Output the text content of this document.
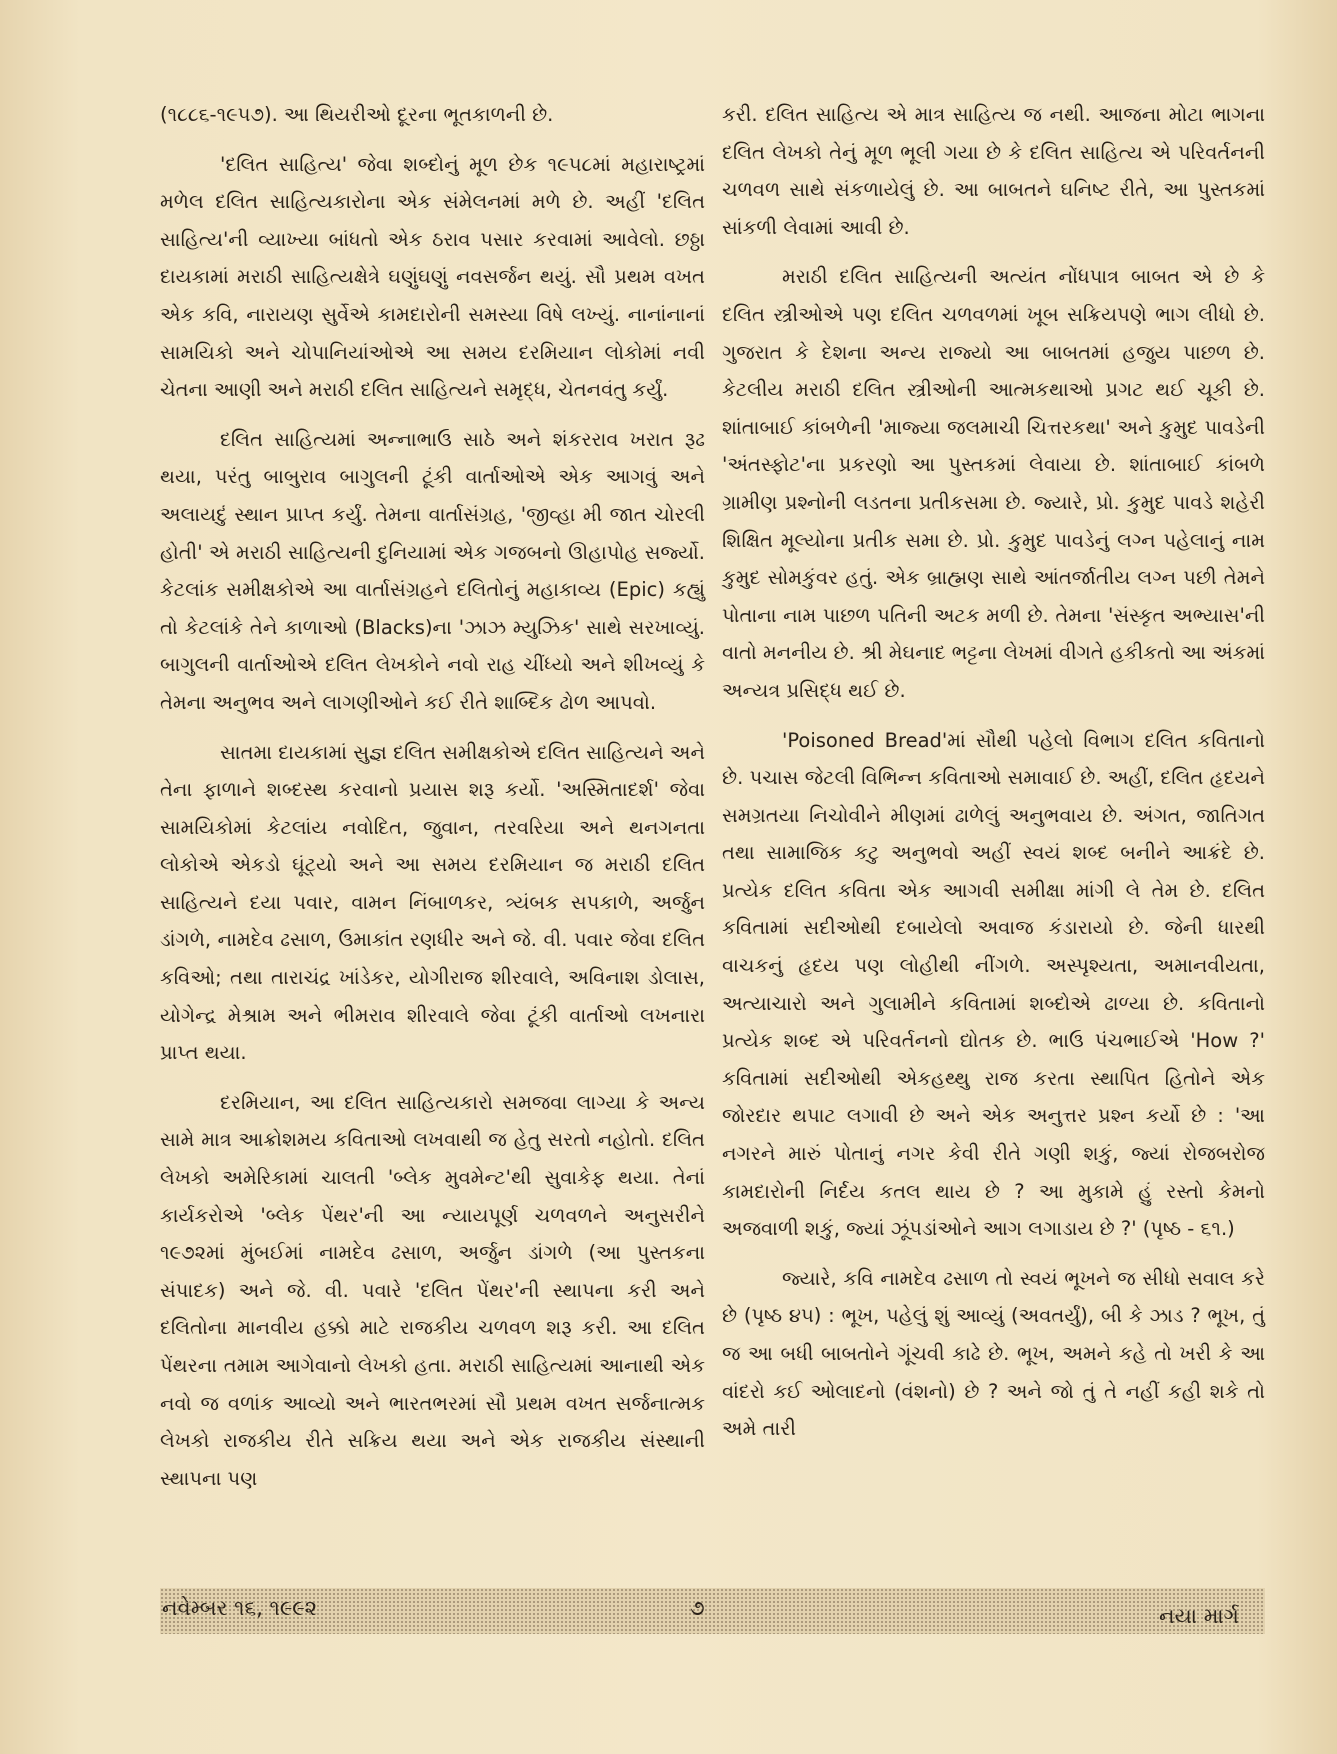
(૧૮૮૬-૧૯૫૭). આ થિયરીઓ દૂરના ભૂતકાળની છે.

'દલિત સાહિત્ય' જેવા શબ્દોનું મૂળ છેક ૧૯૫૮માં મહારાષ્ટ્રમાં મળેલ દલિત સાહિત્યકારોના એક સંમેલનમાં મળે છે. અહીં 'દલિત સાહિત્ય'ની વ્યાખ્યા બાંધતો એક ઠરાવ પસાર કરવામાં આવેલો. છઠ્ઠા દાયકામાં મરાઠી સાહિત્યક્ષેત્રે ઘણુંઘણું નવસર્જન થયું. સૌ પ્રથમ વખત એક કવિ, નારાયણ સુર્વેએ કામદારોની સમસ્યા વિષે લખ્યું. નાનાંનાનાં સામયિકો અને ચોપાનિયાંઓએ આ સમય દરમિયાન લોકોમાં નવી ચેતના આણી અને મરાઠી દલિત સાહિત્યને સમૃદ્ધ, ચેતનવંતુ કર્યું.

દલિત સાહિત્યમાં અન્નાભાઉ સાઠે અને શંકરરાવ ખરાત રૂઢ થયા, પરંતુ બાબુરાવ બાગુલની ટૂંકી વાર્તાઓએ એક આગવું અને અલાયદું સ્થાન પ્રાપ્ત કર્યું. તેમના વાર્તાસંગ્રહ, 'જીવ્હા મી જાત ચોરલી હોતી' એ મરાઠી સાહિત્યની દુનિયામાં એક ગજબનો ઊહાપોહ સર્જ્યો. કેટલાંક સમીક્ષકોએ આ વાર્તાસંગ્રહને દલિતોનું મહાકાવ્ય (Epic) કહ્યું તો કેટલાંકે તેને કાળાઓ (Blacks)ના 'ઝાઝ મ્યુઝિક' સાથે સરખાવ્યું. બાગુલની વાર્તાઓએ દલિત લેખકોને નવો રાહ ચીંધ્યો અને શીખવ્યું કે તેમના અનુભવ અને લાગણીઓને કઈ રીતે શાબ્દિક ઢોળ આપવો.

સાતમા દાયકામાં સુજ્ઞ દલિત સમીક્ષકોએ દલિત સાહિત્યને અને તેના ફાળાને શબ્દસ્થ કરવાનો પ્રયાસ શરૂ કર્યો. 'અસ્મિતાદર્શ' જેવા સામયિકોમાં કેટલાંય નવોદિત, જુવાન, તરવરિયા અને થનગનતા લોકોએ એકડો ઘૂંટ્યો અને આ સમય દરમિયાન જ મરાઠી દલિત સાહિત્યને દયા પવાર, વામન નિંબાળકર, ત્ર્યંબક સપકાળે, અર્જુન ડાંગળે, નામદેવ ઢસાળ, ઉમાકાંત રણધીર અને જે. વી. પવાર જેવા દલિત કવિઓ; તથા તારાચંદ્ર ખાંડેકર, યોગીરાજ શીરવાલે, અવિનાશ ડોલાસ, યોગેન્દ્ર મેશ્રામ અને ભીમરાવ શીરવાલે જેવા ટૂંકી વાર્તાઓ લખનારા પ્રાપ્ત થયા.

દરમિયાન, આ દલિત સાહિત્યકારો સમજવા લાગ્યા કે અન્ય સામે માત્ર આક્રોશમય કવિતાઓ લખવાથી જ હેતુ સરતો નહોતો. દલિત લેખકો અમેરિકામાં ચાલતી 'બ્લેક મુવમેન્ટ'થી સુવાકેફ થયા. તેનાં કાર્યકરોએ 'બ્લેક પેંથર'ની આ ન્યાયપૂર્ણ ચળવળને અનુસરીને ૧૯૭૨માં મુંબઈમાં નામદેવ ઢસાળ, અર્જુન ડાંગળે (આ પુસ્તકના સંપાદક) અને જે. વી. પવારે 'દલિત પેંથર'ની સ્થાપના કરી અને દલિતોના માનવીય હક્કો માટે રાજકીય ચળવળ શરૂ કરી. આ દલિત પેંથરના તમામ આગેવાનો લેખકો હતા. મરાઠી સાહિત્યમાં આનાથી એક નવો જ વળાંક આવ્યો અને ભારતભરમાં સૌ પ્રથમ વખત સર્જનાત્મક લેખકો રાજકીય રીતે સક્રિય થયા અને એક રાજકીય સંસ્થાની સ્થાપના પણ

કરી. દલિત સાહિત્ય એ માત્ર સાહિત્ય જ નથી. આજના મોટા ભાગના દલિત લેખકો તેનું મૂળ ભૂલી ગયા છે કે દલિત સાહિત્ય એ પરિવર્તનની ચળવળ સાથે સંકળાયેલું છે. આ બાબતને ઘનિષ્ટ રીતે, આ પુસ્તકમાં સાંકળી લેવામાં આવી છે.

મરાઠી દલિત સાહિત્યની અત્યંત નોંધપાત્ર બાબત એ છે કે દલિત સ્ત્રીઓએ પણ દલિત ચળવળમાં ખૂબ સક્રિયપણે ભાગ લીધો છે. ગુજરાત કે દેશના અન્ય રાજ્યો આ બાબતમાં હજુય પાછળ છે. કેટલીય મરાઠી દલિત સ્ત્રીઓની આત્મકથાઓ પ્રગટ થઈ ચૂકી છે. શાંતાબાઈ કાંબળેની 'માજ્યા જલમાચી ચિત્તરકથા' અને કુમુદ પાવડેની 'અંતસ્ફોટ'ના પ્રકરણો આ પુસ્તકમાં લેવાયા છે. શાંતાબાઈ કાંબળે ગ્રામીણ પ્રશ્નોની લડતના પ્રતીકસમા છે. જ્યારે, પ્રો. કુમુદ પાવડે શહેરી શિક્ષિત મૂલ્યોના પ્રતીક સમા છે. પ્રો. કુમુદ પાવડેનું લગ્ન પહેલાનું નામ કુમુદ સોમકુંવર હતું. એક બ્રાહ્મણ સાથે આંતર્જાતીય લગ્ન પછી તેમને પોતાના નામ પાછળ પતિની અટક મળી છે. તેમના 'સંસ્કૃત અભ્યાસ'ની વાતો મનનીય છે. શ્રી મેઘનાદ ભટ્ટના લેખમાં વીગતે હકીકતો આ અંકમાં અન્યત્ર પ્રસિદ્ધ થઈ છે.

'Poisoned Bread'માં સૌથી પહેલો વિભાગ દલિત કવિતાનો છે. પચાસ જેટલી વિભિન્ન કવિતાઓ સમાવાઈ છે. અહીં, દલિત હૃદયને સમગ્રતયા નિચોવીને મીણમાં ઢાળેલું અનુભવાય છે. અંગત, જાતિગત તથા સામાજિક કટુ અનુભવો અહીં સ્વયં શબ્દ બનીને આક્રંદે છે. પ્રત્યેક દલિત કવિતા એક આગવી સમીક્ષા માંગી લે તેમ છે. દલિત કવિતામાં સદીઓથી દબાયેલો અવાજ કંડારાયો છે. જેની ધારથી વાચકનું હૃદય પણ લોહીથી નીંગળે. અસ્પૃશ્યતા, અમાનવીયતા, અત્યાચારો અને ગુલામીને કવિતામાં શબ્દોએ ઢાળ્યા છે. કવિતાનો પ્રત્યેક શબ્દ એ પરિવર્તનનો દ્યોતક છે. ભાઉ પંચભાઈએ 'How ?' કવિતામાં સદીઓથી એકહથ્થુ રાજ કરતા સ્થાપિત હિતોને એક જોરદાર થપાટ લગાવી છે અને એક અનુત્તર પ્રશ્ન કર્યો છે : 'આ નગરને મારું પોતાનું નગર કેવી રીતે ગણી શકું, જ્યાં રોજબરોજ કામદારોની નિર્દય કતલ થાય છે ? આ મુકામે હું રસ્તો કેમનો અજવાળી શકું, જ્યાં ઝૂંપડાંઓને આગ લગાડાય છે ?' (પૃષ્ઠ - ૬૧.)

જ્યારે, કવિ નામદેવ ઢસાળ તો સ્વયં ભૂખને જ સીધો સવાલ કરે છે (પૃષ્ઠ ૪૫) : ભૂખ, પહેલું શું આવ્યું (અવતર્યું), બી કે ઝાડ ? ભૂખ, તું જ આ બધી બાબતોને ગૂંચવી કાઢે છે. ભૂખ, અમને કહે તો ખરી કે આ વાંદરો કઈ ઓલાદનો (વંશનો) છે ? અને જો તું તે નહીં કહી શકે તો અમે તારી

નવેમ્બર ૧૬, ૧૯૯૨	૭	નયા માર્ગ
